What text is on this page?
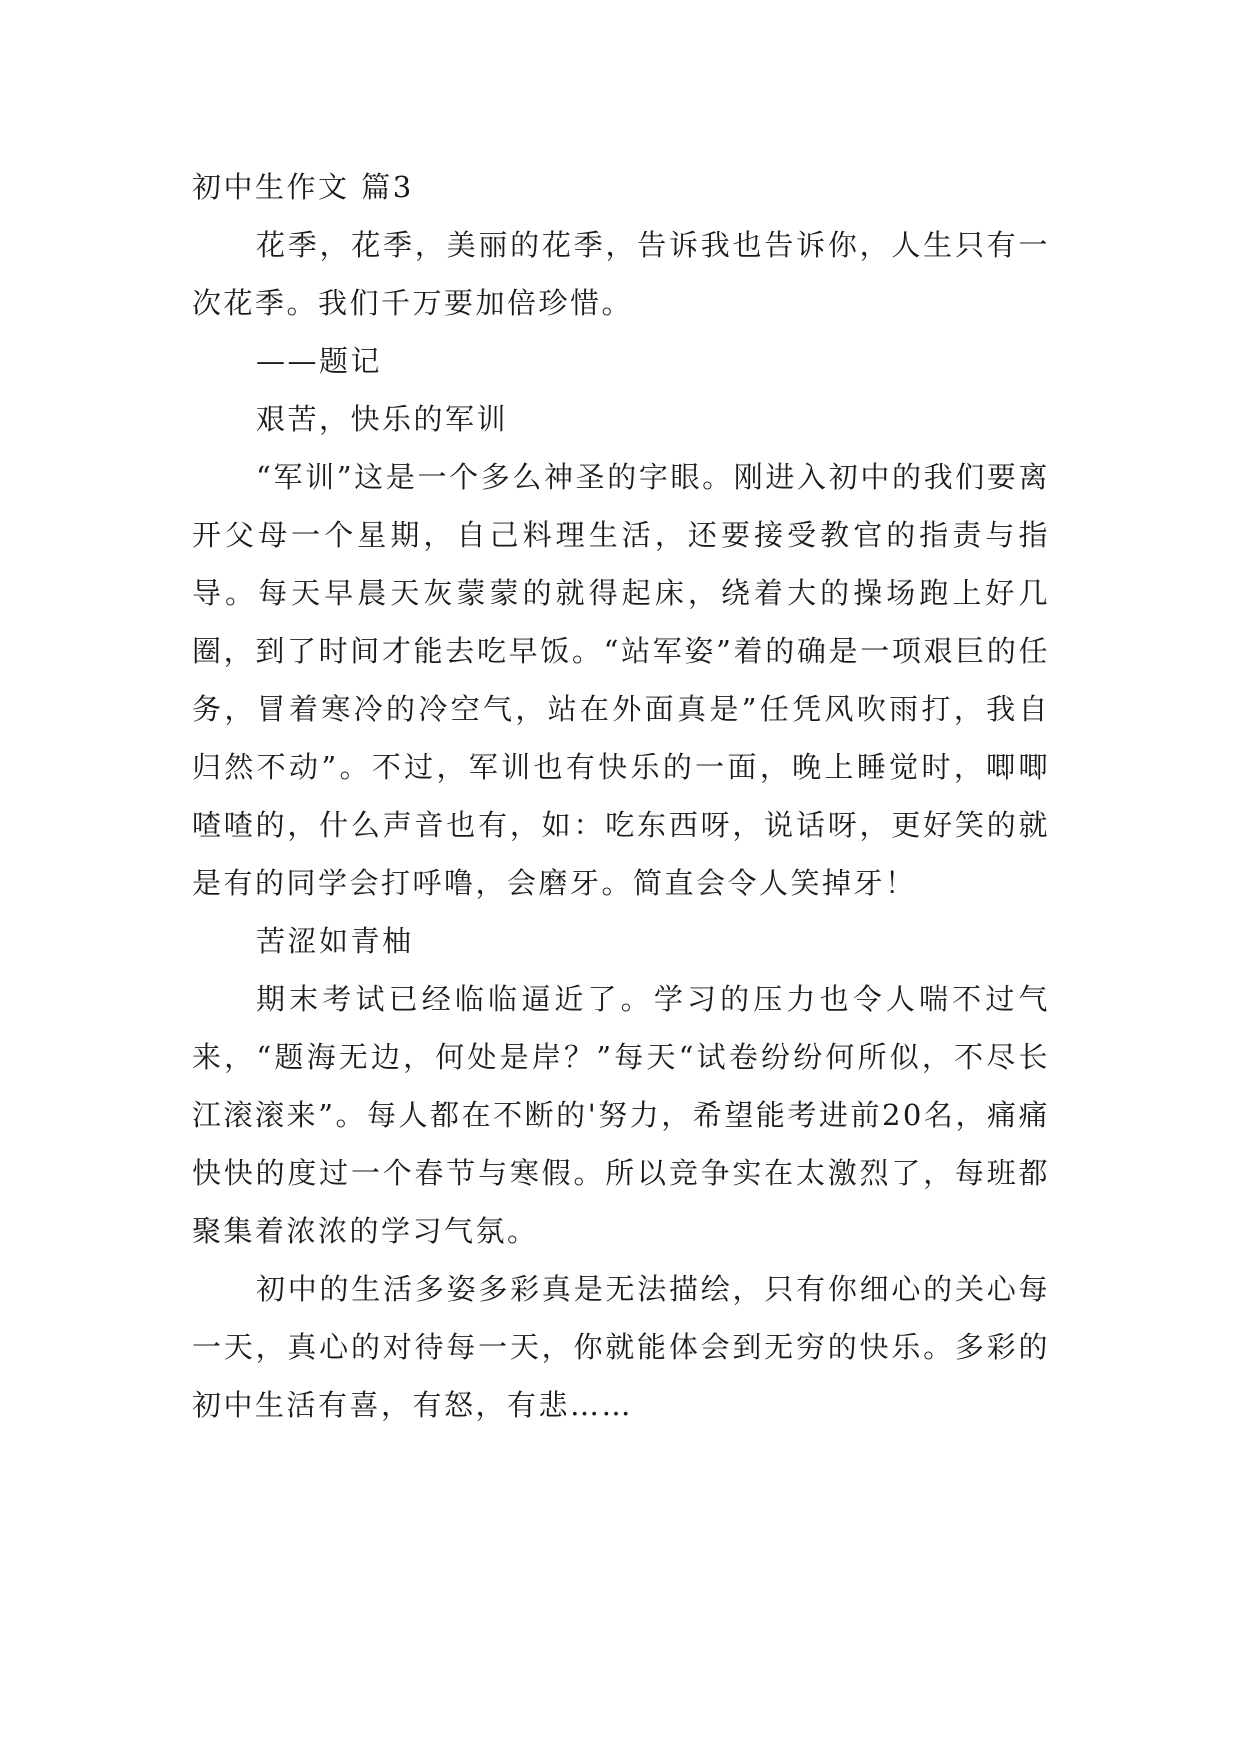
初中生作文 篇3

花季，花季，美丽的花季，告诉我也告诉你，人生只有一次花季。我们千万要加倍珍惜。

——题记

艰苦，快乐的军训

“军训”这是一个多么神圣的字眼。刚进入初中的我们要离开父母一个星期，自己料理生活，还要接受教官的指责与指导。每天早晨天灰蒙蒙的就得起床，绕着大的操场跑上好几圈，到了时间才能去吃早饭。“站军姿”着的确是一项艰巨的任务，冒着寒冷的冷空气，站在外面真是”任凭风吹雨打，我自归然不动”。不过，军训也有快乐的一面，晚上睡觉时，唧唧喳喳的，什么声音也有，如：吃东西呀，说话呀，更好笑的就是有的同学会打呼噜，会磨牙。简直会令人笑掉牙！

苦涩如青柚

期末考试已经临临逼近了。学习的压力也令人喘不过气来，“题海无边，何处是岸？”每天“试卷纷纷何所似，不尽长江滚滚来”。每人都在不断的'努力，希望能考进前20名，痛痛快快的度过一个春节与寒假。所以竞争实在太激烈了，每班都聚集着浓浓的学习气氛。

初中的生活多姿多彩真是无法描绘，只有你细心的关心每一天，真心的对待每一天，你就能体会到无穷的快乐。多彩的初中生活有喜，有怒，有悲……
